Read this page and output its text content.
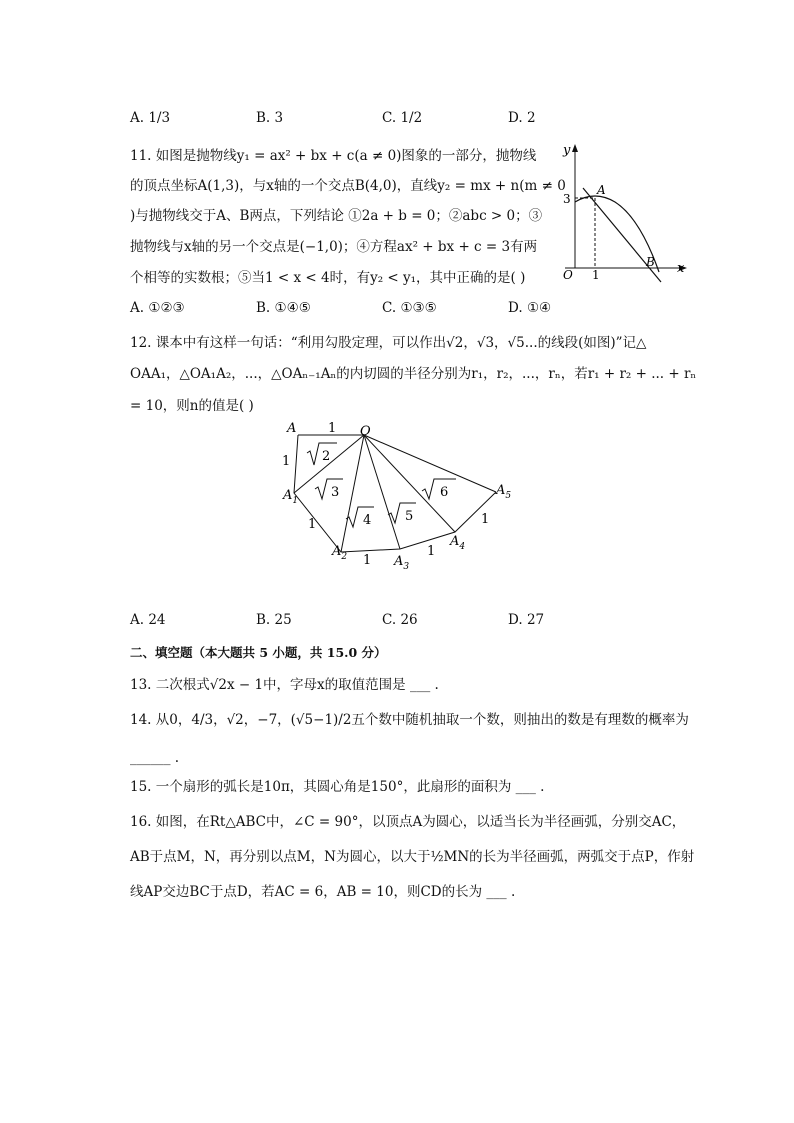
A. 1/3	B. 3	C. 1/2	D. 2
11. 如图是抛物线y₁ = ax² + bx + c(a ≠ 0)图象的一部分，抛物线
的顶点坐标A(1,3)，与x轴的一个交点B(4,0)，直线y₂ = mx + n(m ≠ 0
)与抛物线交于A、B两点，下列结论 ①2a + b = 0；②abc > 0；③
抛物线与x轴的另一个交点是(−1,0)；④方程ax² + bx + c = 3有两
个相等的实数根；⑤当1 < x < 4时，有y₂ < y₁，其中正确的是( )
y
x
O
3
1
A
B
A. ①②③	B. ①④⑤	C. ①③⑤	D. ①④
12. 课本中有这样一句话：“利用勾股定理，可以作出√2，√3，√5...的线段(如图)”记△
OAA₁，△OA₁A₂，...，△OAₙ₋₁Aₙ的内切圆的半径分别为r₁，r₂，...，rₙ，若r₁ + r₂ + ... + rₙ
= 10，则n的值是( )
A	O
1
1
1
1
1
1
2
3
4	5
6
$A_1$
$A_2$	$A_3$
$A_4$
$A_5$
A. 24	B. 25	C. 26	D. 27
二、填空题（本大题共 5 小题，共 15.0 分）
13. 二次根式√2x − 1中，字母x的取值范围是 ___ .
14. 从0，4/3，√2，−7，(√5−1)/2五个数中随机抽取一个数，则抽出的数是有理数的概率为
______ .
15. 一个扇形的弧长是10π，其圆心角是150°，此扇形的面积为 ___ .
16. 如图，在Rt△ABC中，∠C = 90°，以顶点A为圆心，以适当长为半径画弧，分别交AC，
AB于点M，N，再分别以点M，N为圆心，以大于½MN的长为半径画弧，两弧交于点P，作射
线AP交边BC于点D，若AC = 6，AB = 10，则CD的长为 ___ .
